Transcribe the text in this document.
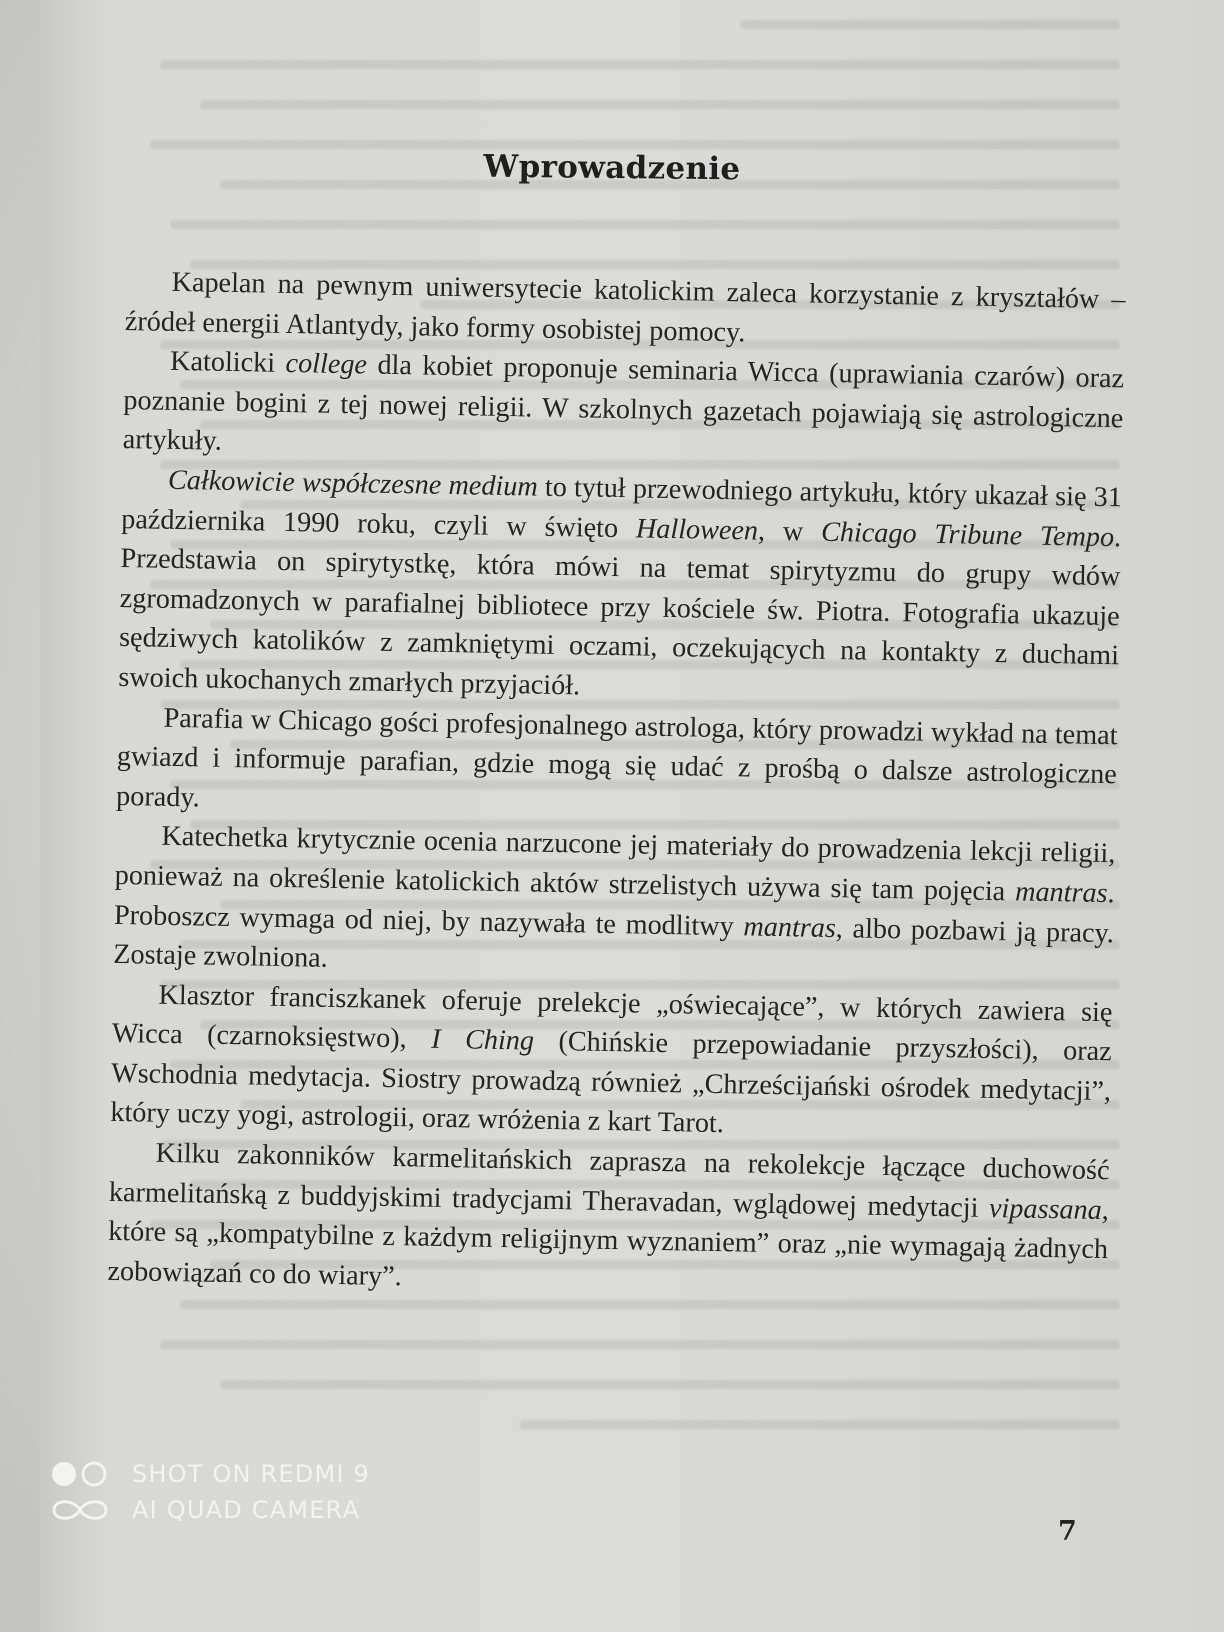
Wprowadzenie

Kapelan na pewnym uniwersytecie katolickim zaleca korzystanie z kryształów – źródeł energii Atlantydy, jako formy osobistej pomocy.

Katolicki college dla kobiet proponuje seminaria Wicca (uprawiania czarów) oraz poznanie bogini z tej nowej religii. W szkolnych gazetach pojawiają się astrologiczne artykuły.

Całkowicie współczesne medium to tytuł przewodniego artykułu, który ukazał się 31 października 1990 roku, czyli w święto Halloween, w Chicago Tribune Tempo. Przedstawia on spirytystkę, która mówi na temat spirytyzmu do grupy wdów zgromadzonych w parafialnej bibliotece przy kościele św. Piotra. Fotografia ukazuje sędziwych katolików z zamkniętymi oczami, oczekujących na kontakty z duchami swoich ukochanych zmarłych przyjaciół.

Parafia w Chicago gości profesjonalnego astrologa, który prowadzi wykład na temat gwiazd i informuje parafian, gdzie mogą się udać z prośbą o dalsze astrologiczne porady.

Katechetka krytycznie ocenia narzucone jej materiały do prowadzenia lekcji religii, ponieważ na określenie katolickich aktów strzelistych używa się tam pojęcia mantras. Proboszcz wymaga od niej, by nazywała te modlitwy mantras, albo pozbawi ją pracy. Zostaje zwolniona.

Klasztor franciszkanek oferuje prelekcje „oświecające”, w których zawiera się Wicca (czarnoksięstwo), I Ching (Chińskie przepowiadanie przyszłości), oraz Wschodnia medytacja. Siostry prowadzą również „Chrześcijański ośrodek medytacji”, który uczy yogi, astrologii, oraz wróżenia z kart Tarot.

Kilku zakonników karmelitańskich zaprasza na rekolekcje łączące duchowość karmelitańską z buddyjskimi tradycjami Theravadan, wglądowej medytacji vipassana, które są „kompatybilne z każdym religijnym wyznaniem” oraz „nie wymagają żadnych zobowiązań co do wiary”.

7
SHOT ON REDMI 9
AI QUAD CAMERA
